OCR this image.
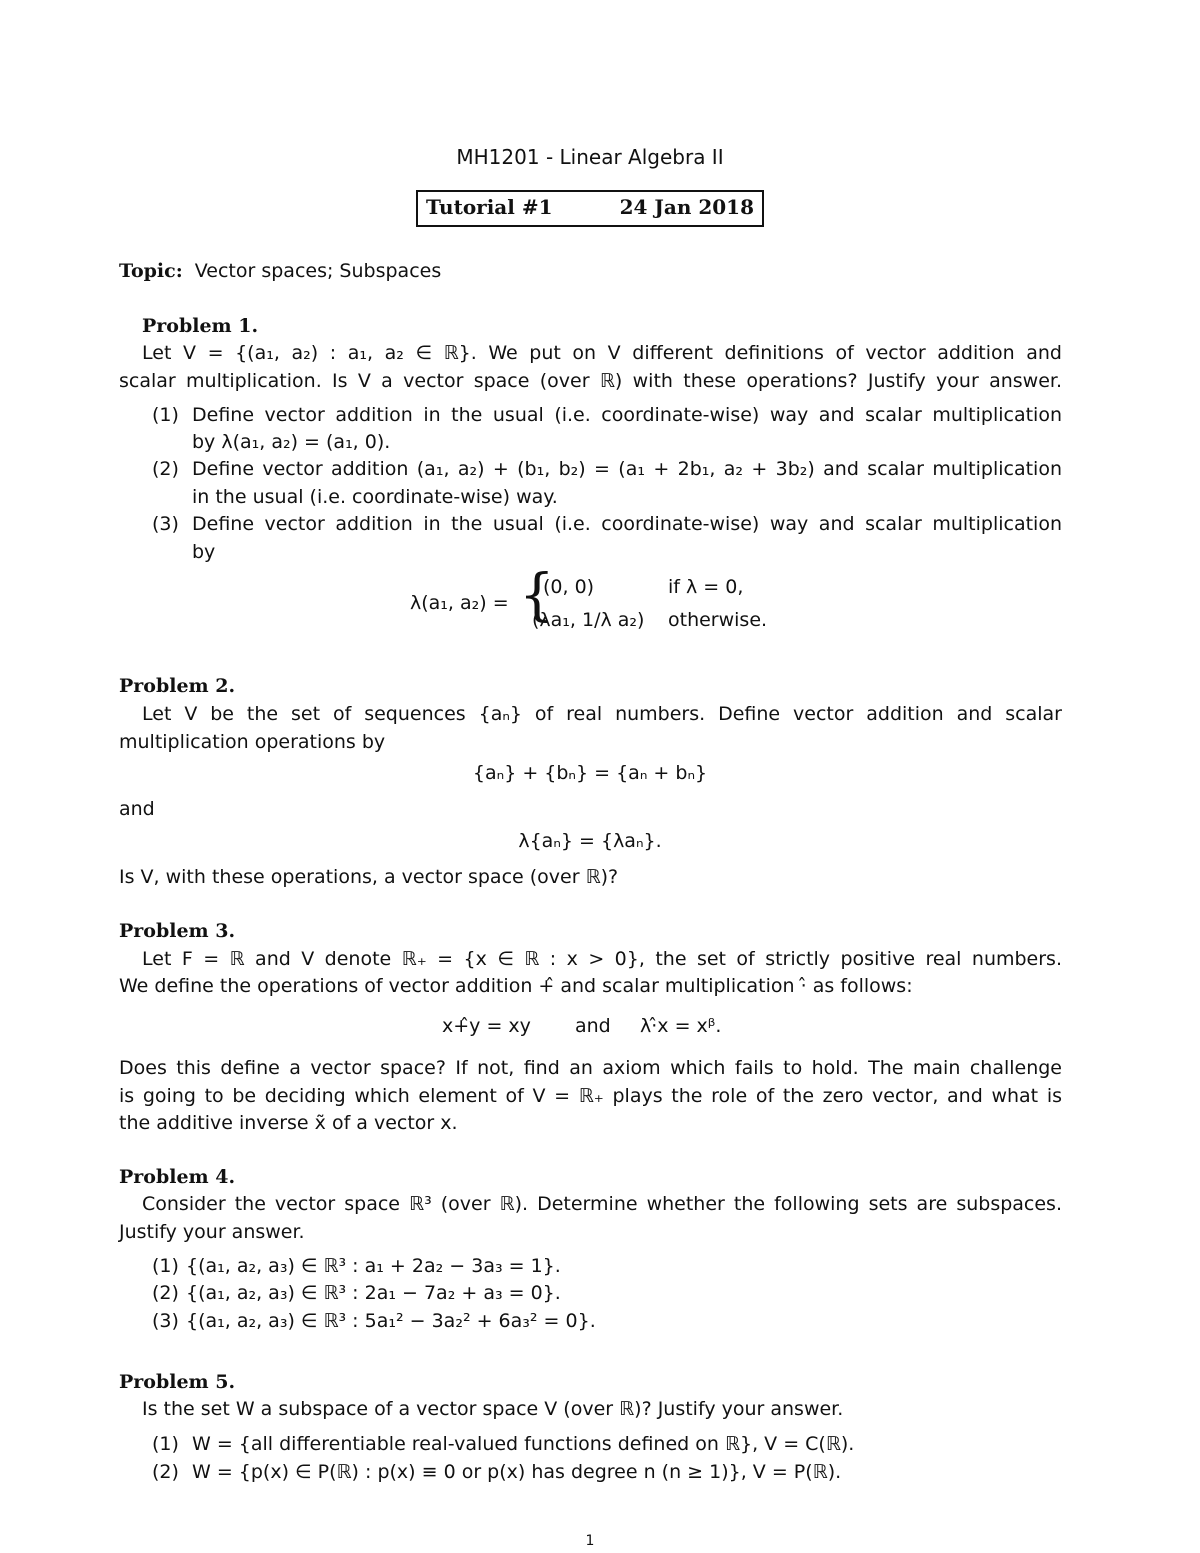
MH1201 - Linear Algebra II
Tutorial #1	24 Jan 2018
Topic: Vector spaces; Subspaces
Problem 1.
Let V = {(a₁, a₂) : a₁, a₂ ∈ ℝ}. We put on V different definitions of vector addition and
scalar multiplication. Is V a vector space (over ℝ) with these operations? Justify your answer.
(1) Define vector addition in the usual (i.e. coordinate-wise) way and scalar multiplication
by λ(a₁, a₂) = (a₁, 0).
(2) Define vector addition (a₁, a₂) + (b₁, b₂) = (a₁ + 2b₁, a₂ + 3b₂) and scalar multiplication
in the usual (i.e. coordinate-wise) way.
(3) Define vector addition in the usual (i.e. coordinate-wise) way and scalar multiplication
by
λ(a₁, a₂) = {
(0, 0)	if λ = 0,
(λa₁, 1/λ a₂) otherwise.
Problem 2.
Let V be the set of sequences {aₙ} of real numbers. Define vector addition and scalar
multiplication operations by
{aₙ} + {bₙ} = {aₙ + bₙ}
and
λ{aₙ} = {λaₙ}.
Is V, with these operations, a vector space (over ℝ)?
Problem 3.
Let F = ℝ and V denote ℝ₊ = {x ∈ ℝ : x > 0}, the set of strictly positive real numbers.
We define the operations of vector addition +̂ and scalar multiplication ·̂ as follows:
x+̂y = xy and λ·̂x = xᵝ.
Does this define a vector space? If not, find an axiom which fails to hold. The main challenge
is going to be deciding which element of V = ℝ₊ plays the role of the zero vector, and what is
the additive inverse x̃ of a vector x.
Problem 4.
Consider the vector space ℝ³ (over ℝ). Determine whether the following sets are subspaces.
Justify your answer.
(1) {(a₁, a₂, a₃) ∈ ℝ³ : a₁ + 2a₂ − 3a₃ = 1}.
(2) {(a₁, a₂, a₃) ∈ ℝ³ : 2a₁ − 7a₂ + a₃ = 0}.
(3) {(a₁, a₂, a₃) ∈ ℝ³ : 5a₁² − 3a₂² + 6a₃² = 0}.
Problem 5.
Is the set W a subspace of a vector space V (over ℝ)? Justify your answer.
(1) W = {all differentiable real-valued functions defined on ℝ}, V = C(ℝ).
(2) W = {p(x) ∈ P(ℝ) : p(x) ≡ 0 or p(x) has degree n (n ≥ 1)}, V = P(ℝ).
1
